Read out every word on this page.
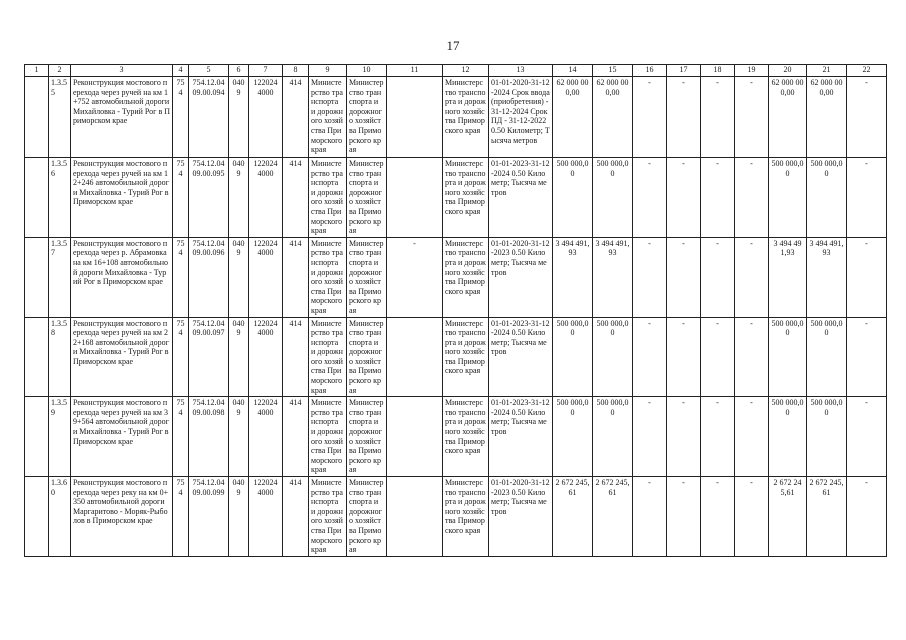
17
1	2	3	4	5	6	7	8	9	10	11	12	13	14	15	16	17	18	19	20	21	22
	1.3.55	Реконструкция мостового перехода через ручей на км 1+752 автомобильной дороги Михайловка - Турий Рог в Приморском крае	754	754.12.04 09.00.094	0409	122024 4000	414	Министерство транспорта и дорожного хозяйства Приморского края	Министерство транспорта и дорожного хозяйства Приморского края		Министерство транспорта и дорожного хозяйства Приморского края	01-01-2020-31-12-2024 Срок ввода (приобретения) -31-12-2024 Срок ПД - 31-12-2022 0.50 Километр; Тысяча метров	62 000 000,00	62 000 000,00	-	-	-	-	62 000 000,00	62 000 000,00	-
	1.3.56	Реконструкция мостового перехода через ручей на км 12+246 автомобильной дороги Михайловка - Турий Рог в Приморском крае	754	754.12.04 09.00.095	0409	122024 4000	414	Министерство транспорта и дорожного хозяйства Приморского края	Министерство транспорта и дорожного хозяйства Приморского края		Министерство транспорта и дорожного хозяйства Приморского края	01-01-2023-31-12-2024 0.50 Километр; Тысяча метров	500 000,00	500 000,00	-	-	-	-	500 000,00	500 000,00	-
	1.3.57	Реконструкция мостового перехода через р. Абрамовка на км 16+108 автомобильной дороги Михайловка - Турий Рог в Приморском крае	754	754.12.04 09.00.096	0409	122024 4000	414	Министерство транспорта и дорожного хозяйства Приморского края	Министерство транспорта и дорожного хозяйства Приморского края	-	Министерство транспорта и дорожного хозяйства Приморского края	01-01-2020-31-12-2023 0.50 Километр; Тысяча метров	3 494 491,93	3 494 491,93	-	-	-	-	3 494 491,93	3 494 491,93	-
	1.3.58	Реконструкция мостового перехода через ручей на км 22+168 автомобильной дороги Михайловка - Турий Рог в Приморском крае	754	754.12.04 09.00.097	0409	122024 4000	414	Министерство транспорта и дорожного хозяйства Приморского края	Министерство транспорта и дорожного хозяйства Приморского края		Министерство транспорта и дорожного хозяйства Приморского края	01-01-2023-31-12-2024 0.50 Километр; Тысяча метров	500 000,00	500 000,00	-	-	-	-	500 000,00	500 000,00	-
	1.3.59	Реконструкция мостового перехода через ручей на км 39+564 автомобильной дороги Михайловка - Турий Рог в Приморском крае	754	754.12.04 09.00.098	0409	122024 4000	414	Министерство транспорта и дорожного хозяйства Приморского края	Министерство транспорта и дорожного хозяйства Приморского края		Министерство транспорта и дорожного хозяйства Приморского края	01-01-2023-31-12-2024 0.50 Километр; Тысяча метров	500 000,00	500 000,00	-	-	-	-	500 000,00	500 000,00	-
	1.3.60	Реконструкция мостового перехода через реку на км 0+350 автомобильной дороги Маргаритово - Моряк-Рыболов в Приморском крае	754	754.12.04 09.00.099	0409	122024 4000	414	Министерство транспорта и дорожного хозяйства Приморского края	Министерство транспорта и дорожного хозяйства Приморского края		Министерство транспорта и дорожного хозяйства Приморского края	01-01-2020-31-12-2023 0.50 Километр; Тысяча метров	2 672 245,61	2 672 245,61	-	-	-	-	2 672 245,61	2 672 245,61	-
